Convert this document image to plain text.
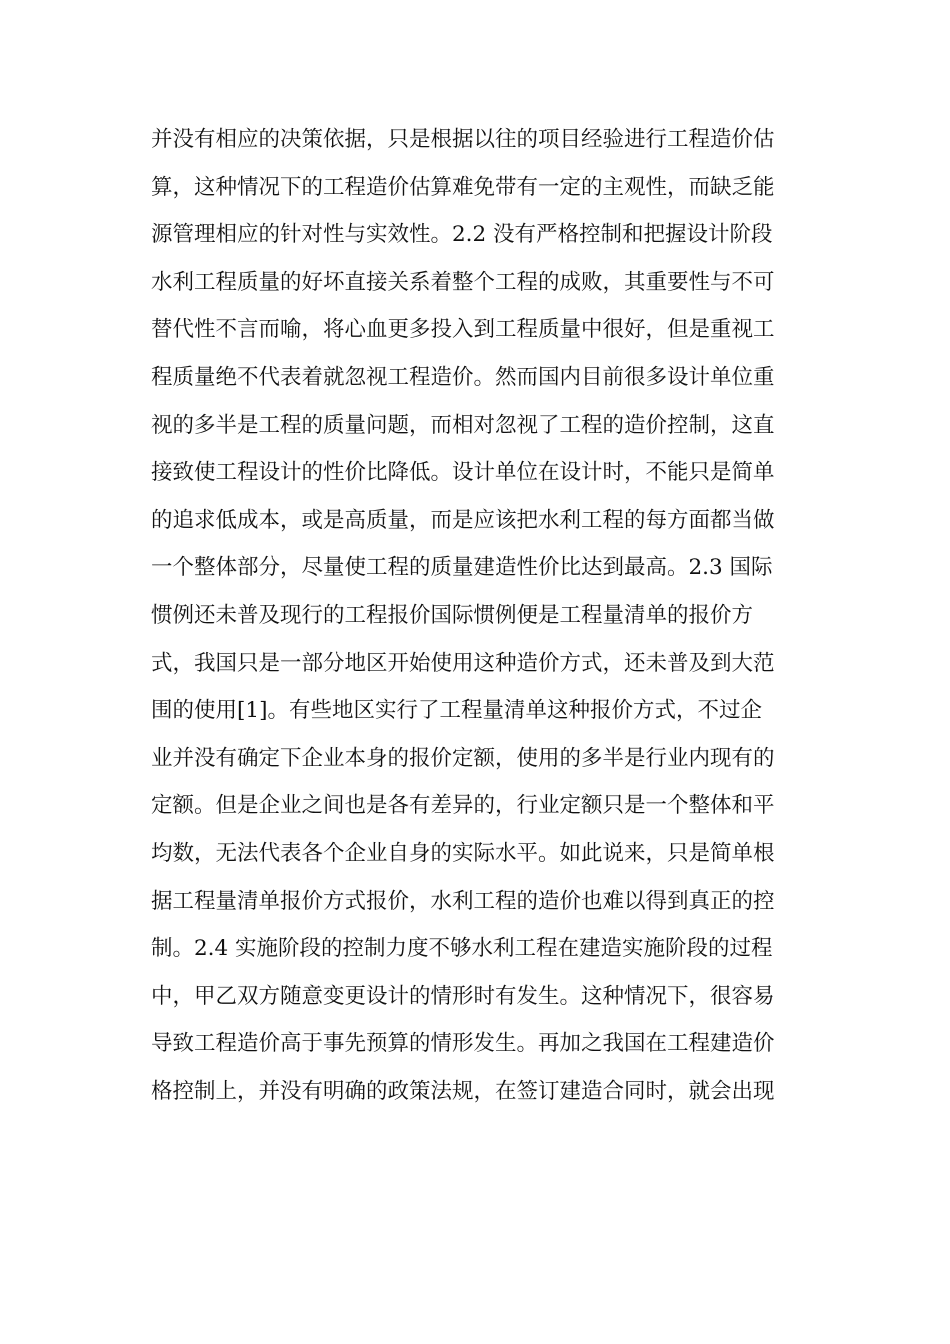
并没有相应的决策依据，只是根据以往的项目经验进行工程造价估
算，这种情况下的工程造价估算难免带有一定的主观性，而缺乏能
源管理相应的针对性与实效性。2.2 没有严格控制和把握设计阶段
水利工程质量的好坏直接关系着整个工程的成败，其重要性与不可
替代性不言而喻，将心血更多投入到工程质量中很好，但是重视工
程质量绝不代表着就忽视工程造价。然而国内目前很多设计单位重
视的多半是工程的质量问题，而相对忽视了工程的造价控制，这直
接致使工程设计的性价比降低。设计单位在设计时，不能只是简单
的追求低成本，或是高质量，而是应该把水利工程的每方面都当做
一个整体部分，尽量使工程的质量建造性价比达到最高。2.3 国际
惯例还未普及现行的工程报价国际惯例便是工程量清单的报价方
式，我国只是一部分地区开始使用这种造价方式，还未普及到大范
围的使用[1]。有些地区实行了工程量清单这种报价方式，不过企
业并没有确定下企业本身的报价定额，使用的多半是行业内现有的
定额。但是企业之间也是各有差异的，行业定额只是一个整体和平
均数，无法代表各个企业自身的实际水平。如此说来，只是简单根
据工程量清单报价方式报价，水利工程的造价也难以得到真正的控
制。2.4 实施阶段的控制力度不够水利工程在建造实施阶段的过程
中，甲乙双方随意变更设计的情形时有发生。这种情况下，很容易
导致工程造价高于事先预算的情形发生。再加之我国在工程建造价
格控制上，并没有明确的政策法规，在签订建造合同时，就会出现
